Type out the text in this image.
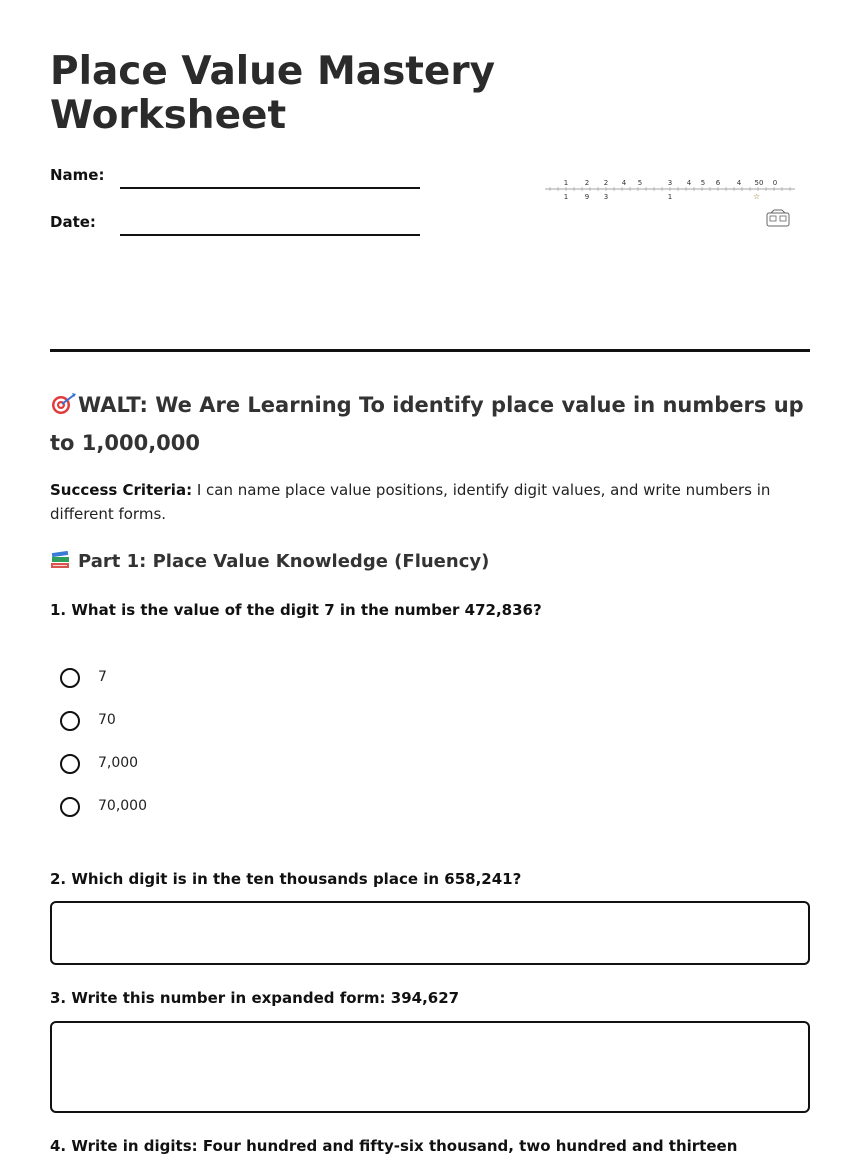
Place Value Mastery Worksheet
Name:
Date:
1 2 2 4 5	3 4 5 6 4 50 0
1 9 3	1	☆
WALT: We Are Learning To identify place value in numbers up to 1,000,000

Success Criteria: I can name place value positions, identify digit values, and write numbers in different forms.

Part 1: Place Value Knowledge (Fluency)

1. What is the value of the digit 7 in the number 472,836?

7
70
7,000
70,000

2. Which digit is in the ten thousands place in 658,241?

3. Write this number in expanded form: 394,627

4. Write in digits: Four hundred and fifty-six thousand, two hundred and thirteen
